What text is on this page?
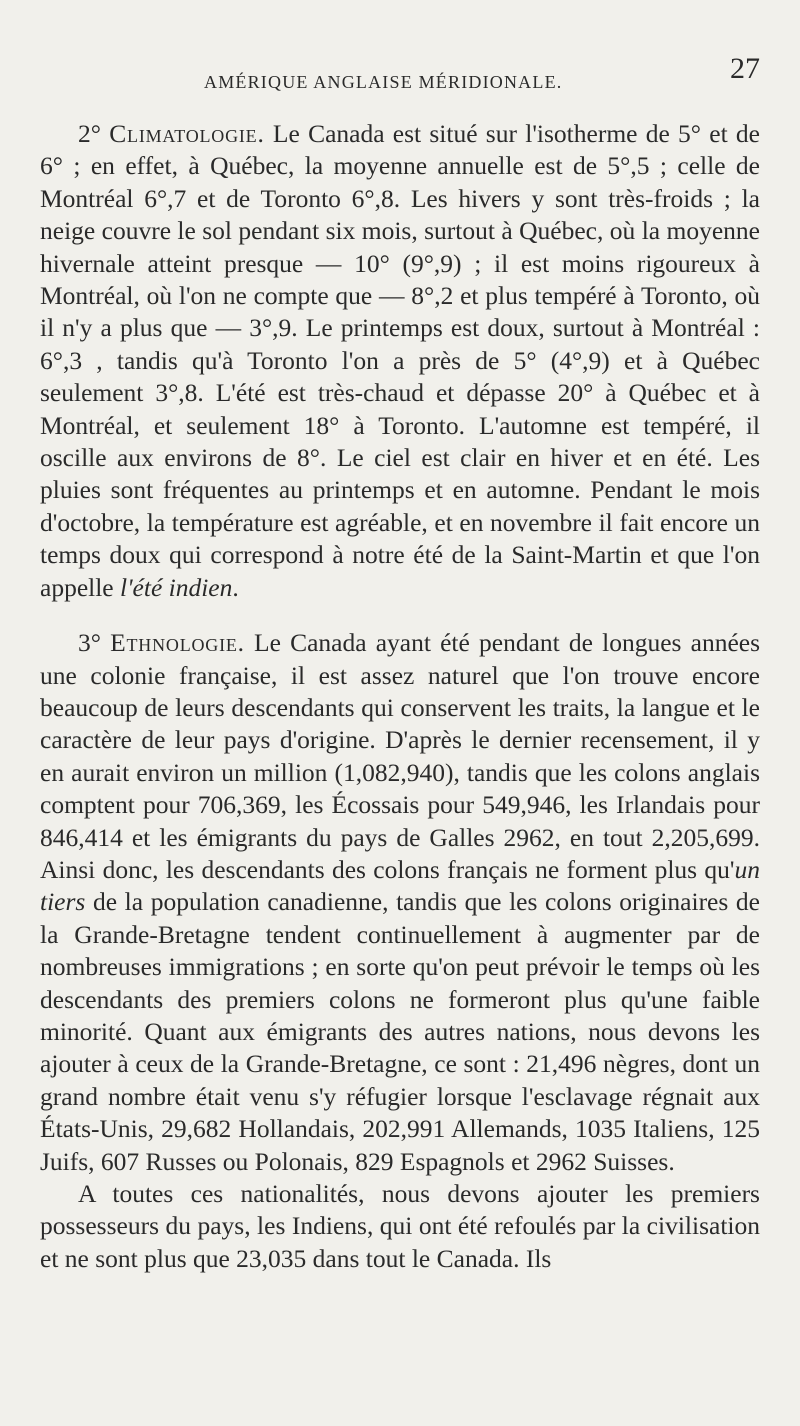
AMÉRIQUE ANGLAISE MÉRIDIONALE.	27

2° Climatologie. Le Canada est situé sur l'isotherme de 5° et de 6° ; en effet, à Québec, la moyenne annuelle est de 5°,5 ; celle de Montréal 6°,7 et de Toronto 6°,8. Les hivers y sont très-froids ; la neige couvre le sol pendant six mois, surtout à Québec, où la moyenne hivernale atteint presque — 10° (9°,9) ; il est moins rigoureux à Montréal, où l'on ne compte que — 8°,2 et plus tempéré à Toronto, où il n'y a plus que — 3°,9. Le printemps est doux, surtout à Montréal : 6°,3 , tandis qu'à Toronto l'on a près de 5° (4°,9) et à Québec seulement 3°,8. L'été est très-chaud et dépasse 20° à Québec et à Montréal, et seulement 18° à Toronto. L'automne est tempéré, il oscille aux environs de 8°. Le ciel est clair en hiver et en été. Les pluies sont fréquentes au printemps et en automne. Pendant le mois d'octobre, la température est agréable, et en novembre il fait encore un temps doux qui correspond à notre été de la Saint-Martin et que l'on appelle l'été indien.

3° Ethnologie. Le Canada ayant été pendant de longues années une colonie française, il est assez naturel que l'on trouve encore beaucoup de leurs descendants qui conservent les traits, la langue et le caractère de leur pays d'origine. D'après le dernier recensement, il y en aurait environ un million (1,082,940), tandis que les colons anglais comptent pour 706,369, les Écossais pour 549,946, les Irlandais pour 846,414 et les émigrants du pays de Galles 2962, en tout 2,205,699. Ainsi donc, les descendants des colons français ne forment plus qu'un tiers de la population canadienne, tandis que les colons originaires de la Grande-Bretagne tendent continuellement à augmenter par de nombreuses immigrations ; en sorte qu'on peut prévoir le temps où les descendants des premiers colons ne formeront plus qu'une faible minorité. Quant aux émigrants des autres nations, nous devons les ajouter à ceux de la Grande-Bretagne, ce sont : 21,496 nègres, dont un grand nombre était venu s'y réfugier lorsque l'esclavage régnait aux États-Unis, 29,682 Hollandais, 202,991 Allemands, 1035 Italiens, 125 Juifs, 607 Russes ou Polonais, 829 Espagnols et 2962 Suisses.

A toutes ces nationalités, nous devons ajouter les premiers possesseurs du pays, les Indiens, qui ont été refoulés par la civilisation et ne sont plus que 23,035 dans tout le Canada. Ils
